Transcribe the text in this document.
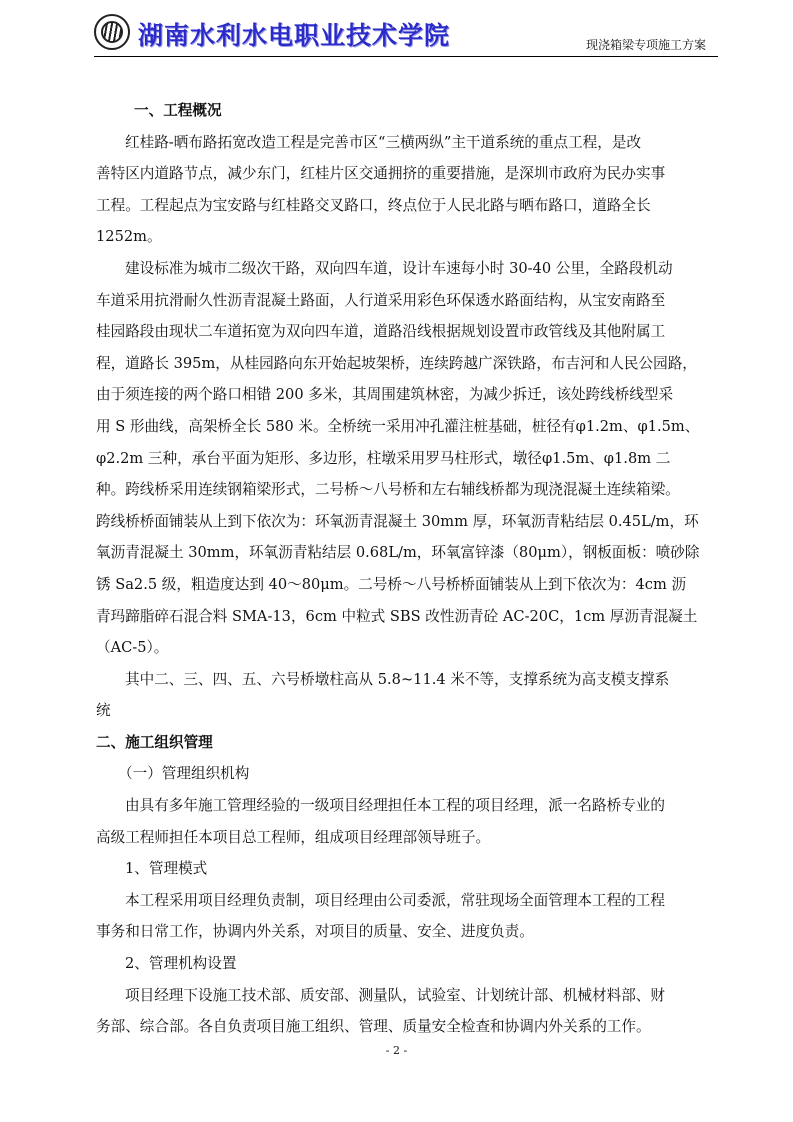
湖南水利水电职业技术学院	现浇箱梁专项施工方案
一、工程概况
红桂路-晒布路拓宽改造工程是完善市区“三横两纵”主干道系统的重点工程，是改
善特区内道路节点，减少东门，红桂片区交通拥挤的重要措施，是深圳市政府为民办实事
工程。工程起点为宝安路与红桂路交叉路口，终点位于人民北路与晒布路口，道路全长
1252m。
建设标准为城市二级次干路，双向四车道，设计车速每小时 30-40 公里，全路段机动
车道采用抗滑耐久性沥青混凝土路面，人行道采用彩色环保透水路面结构，从宝安南路至
桂园路段由现状二车道拓宽为双向四车道，道路沿线根据规划设置市政管线及其他附属工
程，道路长 395m，从桂园路向东开始起坡架桥，连续跨越广深铁路，布吉河和人民公园路，
由于须连接的两个路口相错 200 多米，其周围建筑林密，为减少拆迁，该处跨线桥线型采
用 S 形曲线，高架桥全长 580 米。全桥统一采用冲孔灌注桩基础，桩径有φ1.2m、φ1.5m、
φ2.2m 三种，承台平面为矩形、多边形，柱墩采用罗马柱形式，墩径φ1.5m、φ1.8m 二
种。跨线桥采用连续钢箱梁形式，二号桥～八号桥和左右辅线桥都为现浇混凝土连续箱梁。
跨线桥桥面铺装从上到下依次为：环氧沥青混凝土 30mm 厚，环氧沥青粘结层 0.45L/m，环
氧沥青混凝土 30mm，环氧沥青粘结层 0.68L/m，环氧富锌漆（80μm），钢板面板：喷砂除
锈 Sa2.5 级，粗造度达到 40～80μm。二号桥～八号桥桥面铺装从上到下依次为：4cm 沥
青玛蹄脂碎石混合料 SMA-13，6cm 中粒式 SBS 改性沥青砼 AC-20C，1cm 厚沥青混凝土
（AC-5）。
其中二、三、四、五、六号桥墩柱高从 5.8~11.4 米不等，支撑系统为高支模支撑系
统
二、施工组织管理
（一）管理组织机构
由具有多年施工管理经验的一级项目经理担任本工程的项目经理，派一名路桥专业的
高级工程师担任本项目总工程师，组成项目经理部领导班子。
1、管理模式
本工程采用项目经理负责制，项目经理由公司委派，常驻现场全面管理本工程的工程
事务和日常工作，协调内外关系，对项目的质量、安全、进度负责。
2、管理机构设置
项目经理下设施工技术部、质安部、测量队，试验室、计划统计部、机械材料部、财
务部、综合部。各自负责项目施工组织、管理、质量安全检查和协调内外关系的工作。
- 2 -
